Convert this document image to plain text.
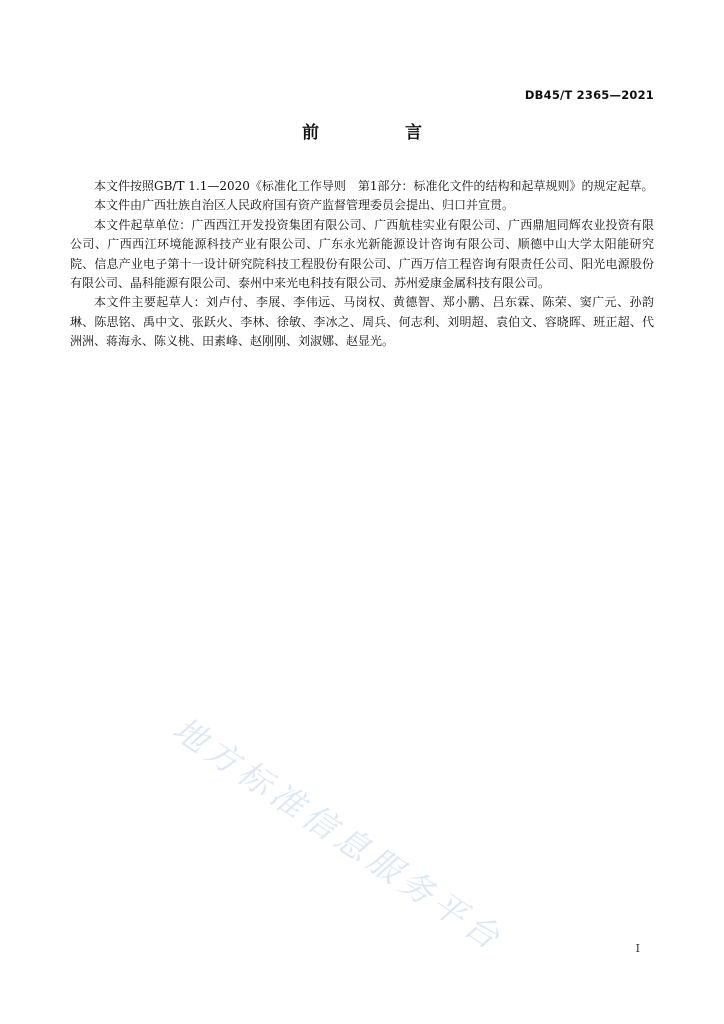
DB45/T 2365—2021
前 言

本文件按照GB/T 1.1—2020《标准化工作导则　第1部分：标准化文件的结构和起草规则》的规定起草。

本文件由广西壮族自治区人民政府国有资产监督管理委员会提出、归口并宣贯。

本文件起草单位：广西西江开发投资集团有限公司、广西航桂实业有限公司、广西鼎旭同辉农业投资有限公司、广西西江环境能源科技产业有限公司、广东永光新能源设计咨询有限公司、顺德中山大学太阳能研究院、信息产业电子第十一设计研究院科技工程股份有限公司、广西万信工程咨询有限责任公司、阳光电源股份有限公司、晶科能源有限公司、泰州中来光电科技有限公司、苏州爱康金属科技有限公司。

本文件主要起草人：刘卢付、李展、李伟远、马岗权、黄德智、郑小鹏、吕东霖、陈荣、窦广元、孙韵琳、陈思铭、禹中文、张跃火、李林、徐敏、李冰之、周兵、何志利、刘明超、袁伯文、容晓晖、班正超、代洲洲、蒋海永、陈义桃、田素峰、赵刚刚、刘淑娜、赵显光。

地方标准信息服务平台	I
